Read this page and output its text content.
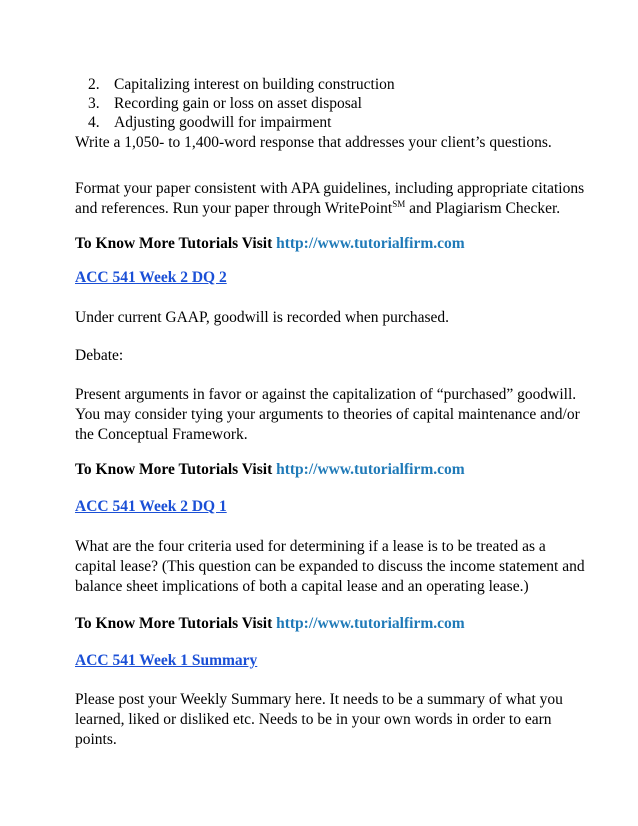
2. Capitalizing interest on building construction
3. Recording gain or loss on asset disposal
4. Adjusting goodwill for impairment

Write a 1,050- to 1,400-word response that addresses your client’s questions.

Format your paper consistent with APA guidelines, including appropriate citations
and references. Run your paper through WritePoint℠ and Plagiarism Checker.
To Know More Tutorials Visit http://www.tutorialfirm.com
ACC 541 Week 2 DQ 2

Under current GAAP, goodwill is recorded when purchased.

Debate:

Present arguments in favor or against the capitalization of “purchased” goodwill.
You may consider tying your arguments to theories of capital maintenance and/or
the Conceptual Framework.
To Know More Tutorials Visit http://www.tutorialfirm.com
ACC 541 Week 2 DQ 1
What are the four criteria used for determining if a lease is to be treated as a
capital lease? (This question can be expanded to discuss the income statement and
balance sheet implications of both a capital lease and an operating lease.)
To Know More Tutorials Visit http://www.tutorialfirm.com
ACC 541 Week 1 Summary
Please post your Weekly Summary here. It needs to be a summary of what you
learned, liked or disliked etc. Needs to be in your own words in order to earn
points.
